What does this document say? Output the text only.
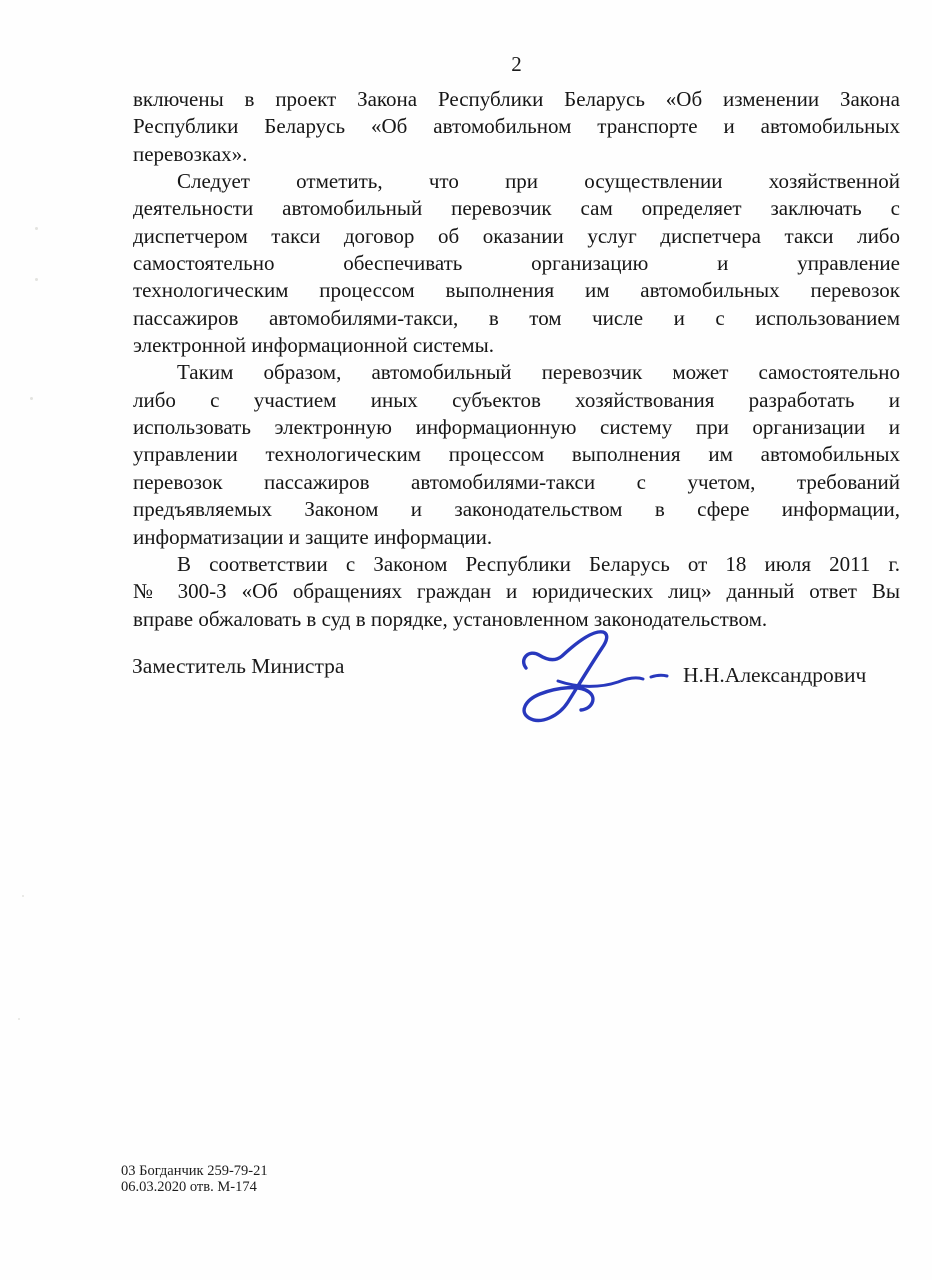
2
включены в проект Закона Республики Беларусь «Об изменении Закона
Республики Беларусь «Об автомобильном транспорте и автомобильных
перевозках».
Следует отметить, что при осуществлении хозяйственной
деятельности автомобильный перевозчик сам определяет заключать с
диспетчером такси договор об оказании услуг диспетчера такси либо
самостоятельно обеспечивать организацию и управление
технологическим процессом выполнения им автомобильных перевозок
пассажиров автомобилями-такси, в том числе и с использованием
электронной информационной системы.
Таким образом, автомобильный перевозчик может самостоятельно
либо с участием иных субъектов хозяйствования разработать и
использовать электронную информационную систему при организации и
управлении технологическим процессом выполнения им автомобильных
перевозок пассажиров автомобилями-такси с учетом, требований
предъявляемых Законом и законодательством в сфере информации,
информатизации и защите информации.
В соответствии с Законом Республики Беларусь от 18 июля 2011 г.
№ 300-З «Об обращениях граждан и юридических лиц» данный ответ Вы
вправе обжаловать в суд в порядке, установленном законодательством.
Заместитель Министра	Н.Н.Александрович
03 Богданчик 259-79-21
06.03.2020 отв. М-174
